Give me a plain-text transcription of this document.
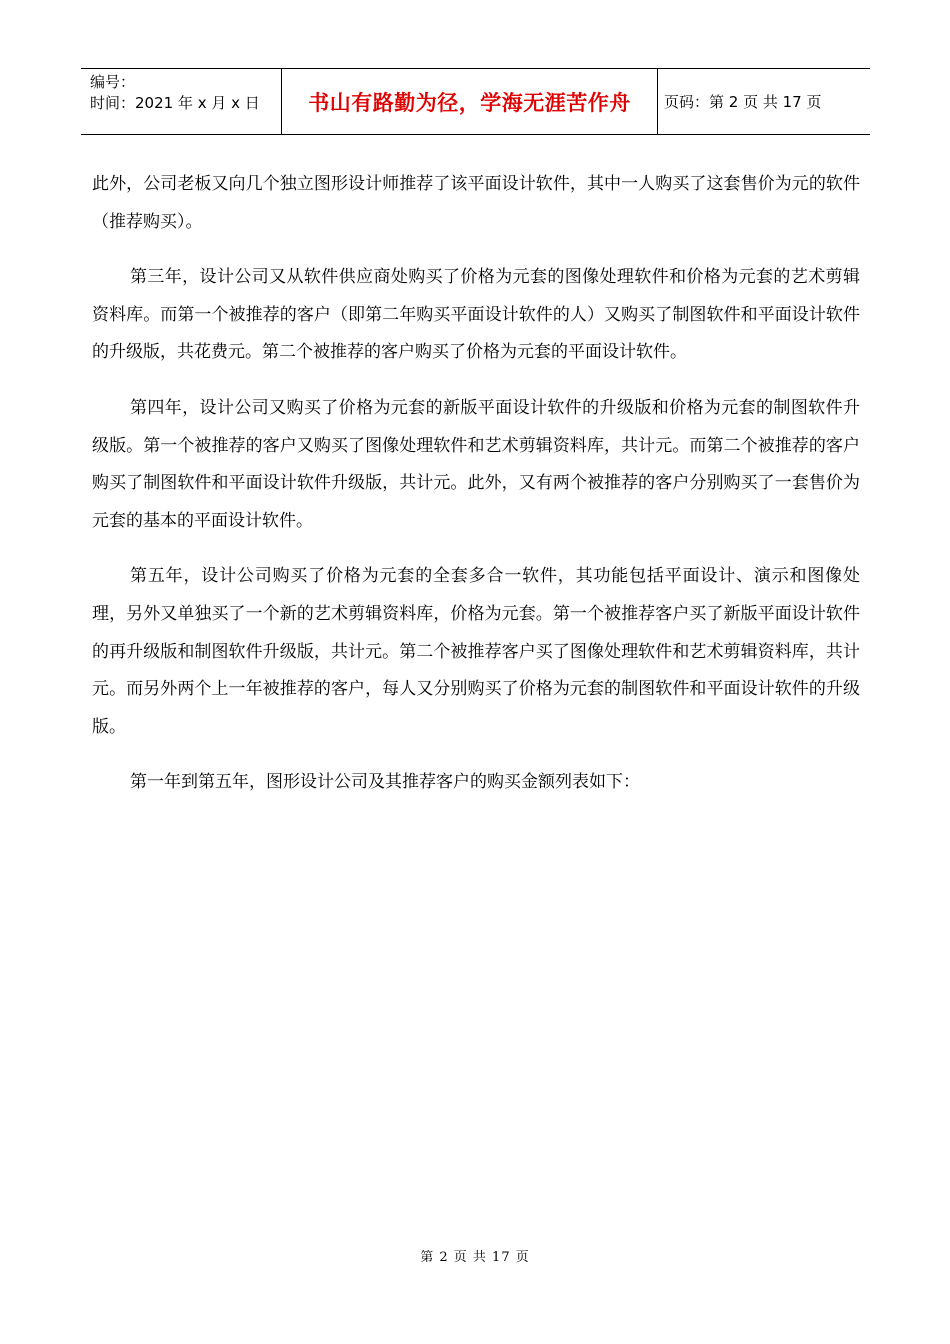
编号：
时间：2021 年 x 月 x 日	书山有路勤为径，学海无涯苦作舟	页码：第 2 页 共 17 页

此外，公司老板又向几个独立图形设计师推荐了该平面设计软件，其中一人购买了这套售价为元的软件（推荐购买）。

第三年，设计公司又从软件供应商处购买了价格为元套的图像处理软件和价格为元套的艺术剪辑资料库。而第一个被推荐的客户（即第二年购买平面设计软件的人）又购买了制图软件和平面设计软件的升级版，共花费元。第二个被推荐的客户购买了价格为元套的平面设计软件。

第四年，设计公司又购买了价格为元套的新版平面设计软件的升级版和价格为元套的制图软件升级版。第一个被推荐的客户又购买了图像处理软件和艺术剪辑资料库，共计元。而第二个被推荐的客户购买了制图软件和平面设计软件升级版，共计元。此外，又有两个被推荐的客户分别购买了一套售价为元套的基本的平面设计软件。

第五年，设计公司购买了价格为元套的全套多合一软件，其功能包括平面设计、演示和图像处理，另外又单独买了一个新的艺术剪辑资料库，价格为元套。第一个被推荐客户买了新版平面设计软件的再升级版和制图软件升级版，共计元。第二个被推荐客户买了图像处理软件和艺术剪辑资料库，共计元。而另外两个上一年被推荐的客户，每人又分别购买了价格为元套的制图软件和平面设计软件的升级版。

第一年到第五年，图形设计公司及其推荐客户的购买金额列表如下：

第 2 页 共 17 页
